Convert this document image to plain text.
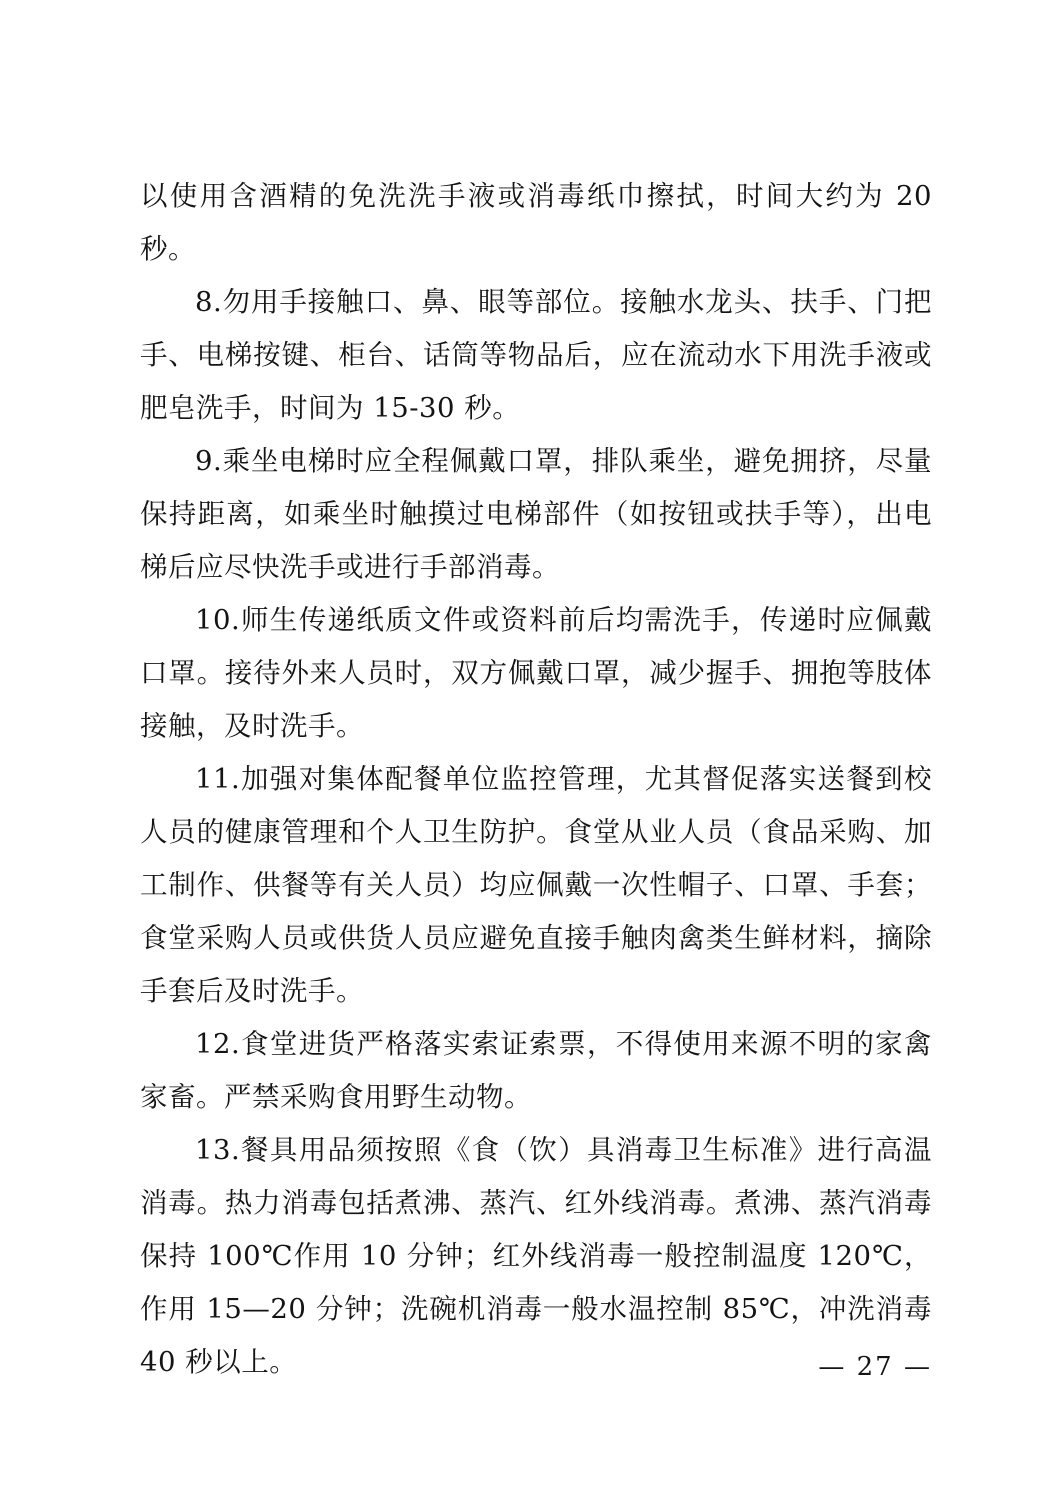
以使用含酒精的免洗洗手液或消毒纸巾擦拭，时间大约为 20 秒。

8.勿用手接触口、鼻、眼等部位。接触水龙头、扶手、门把手、电梯按键、柜台、话筒等物品后，应在流动水下用洗手液或肥皂洗手，时间为 15-30 秒。

9.乘坐电梯时应全程佩戴口罩，排队乘坐，避免拥挤，尽量保持距离，如乘坐时触摸过电梯部件（如按钮或扶手等），出电梯后应尽快洗手或进行手部消毒。

10.师生传递纸质文件或资料前后均需洗手，传递时应佩戴口罩。接待外来人员时，双方佩戴口罩，减少握手、拥抱等肢体接触，及时洗手。

11.加强对集体配餐单位监控管理，尤其督促落实送餐到校人员的健康管理和个人卫生防护。食堂从业人员（食品采购、加工制作、供餐等有关人员）均应佩戴一次性帽子、口罩、手套；食堂采购人员或供货人员应避免直接手触肉禽类生鲜材料，摘除手套后及时洗手。

12.食堂进货严格落实索证索票，不得使用来源不明的家禽家畜。严禁采购食用野生动物。

13.餐具用品须按照《食（饮）具消毒卫生标准》进行高温消毒。热力消毒包括煮沸、蒸汽、红外线消毒。煮沸、蒸汽消毒保持 100℃作用 10 分钟；红外线消毒一般控制温度 120℃，作用 15—20 分钟；洗碗机消毒一般水温控制 85℃，冲洗消毒 40 秒以上。	— 27 —
